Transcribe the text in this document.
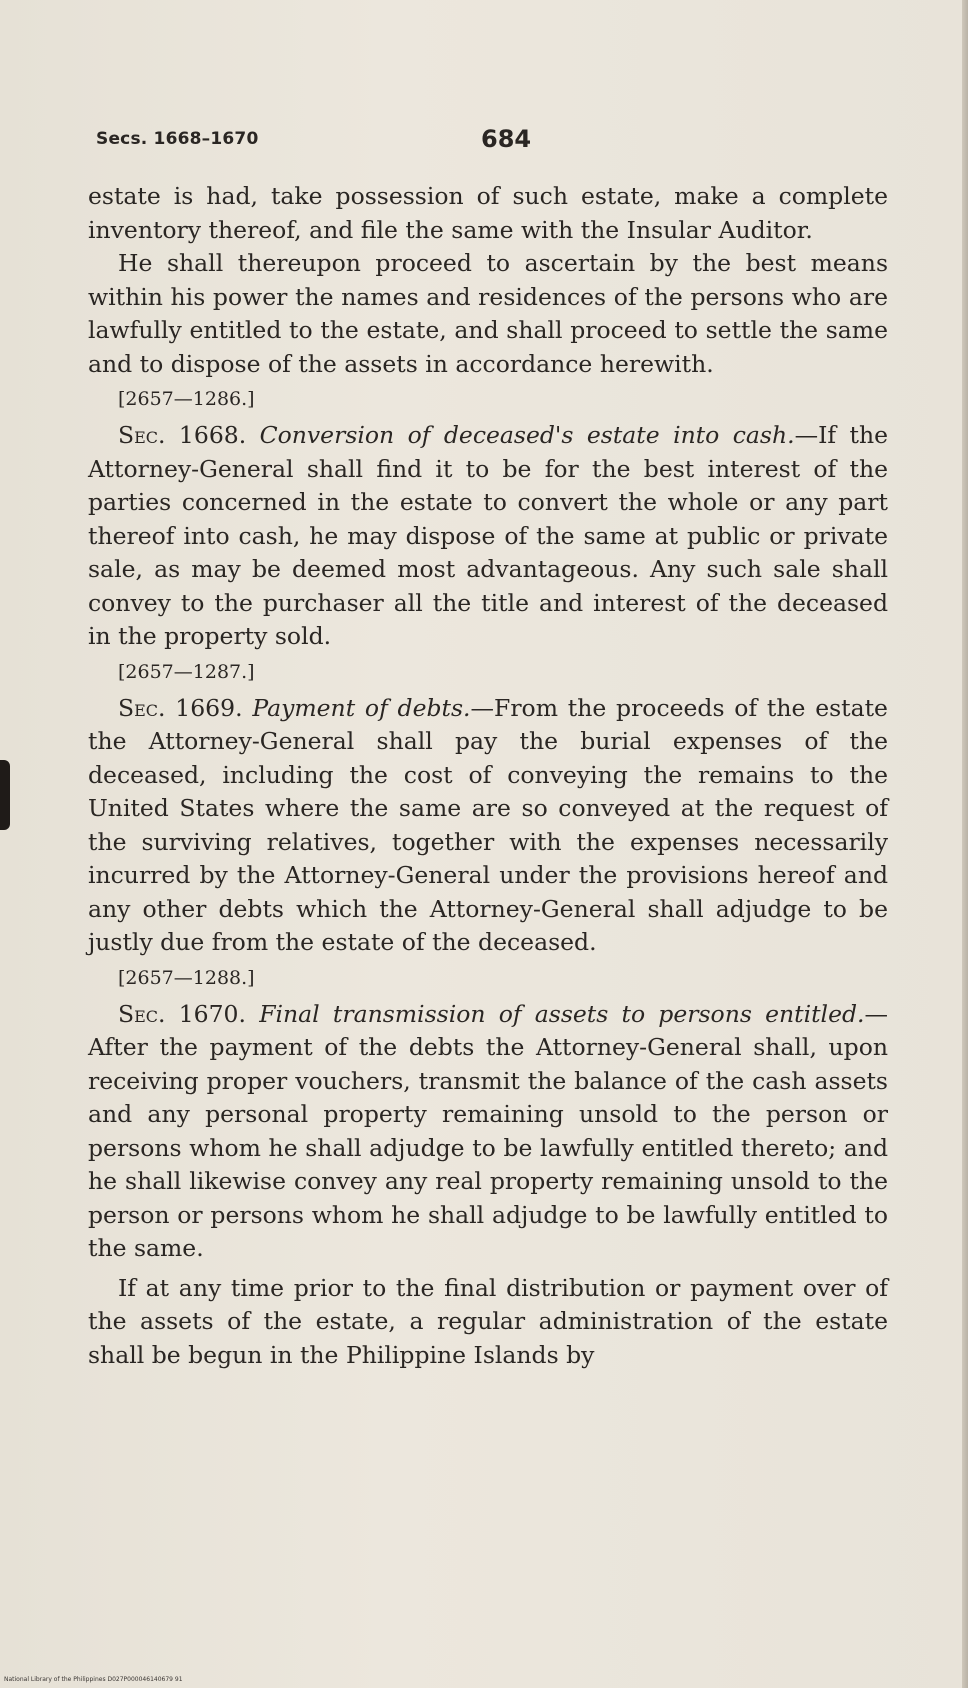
Secs. 1668–1670	684

estate is had, take possession of such estate, make a complete inventory thereof, and file the same with the Insular Auditor.

He shall thereupon proceed to ascertain by the best means within his power the names and residences of the persons who are lawfully entitled to the estate, and shall proceed to settle the same and to dispose of the assets in accordance herewith.

[2657—1286.]

Sec. 1668. Conversion of deceased's estate into cash.—If the Attorney-General shall find it to be for the best interest of the parties concerned in the estate to convert the whole or any part thereof into cash, he may dispose of the same at public or private sale, as may be deemed most advantageous. Any such sale shall convey to the purchaser all the title and interest of the deceased in the property sold.

[2657—1287.]

Sec. 1669. Payment of debts.—From the proceeds of the estate the Attorney-General shall pay the burial expenses of the deceased, including the cost of conveying the remains to the United States where the same are so conveyed at the request of the surviving relatives, together with the expenses necessarily incurred by the Attorney-General under the provisions hereof and any other debts which the Attorney-General shall adjudge to be justly due from the estate of the deceased.

[2657—1288.]

Sec. 1670. Final transmission of assets to persons entitled.—After the payment of the debts the Attorney-General shall, upon receiving proper vouchers, transmit the balance of the cash assets and any personal property remaining unsold to the person or persons whom he shall adjudge to be lawfully entitled thereto; and he shall likewise convey any real property remaining unsold to the person or persons whom he shall adjudge to be lawfully entitled to the same.

If at any time prior to the final distribution or payment over of the assets of the estate, a regular administration of the estate shall be begun in the Philippine Islands by

National Library of the Philippines D027P000046140679 91
